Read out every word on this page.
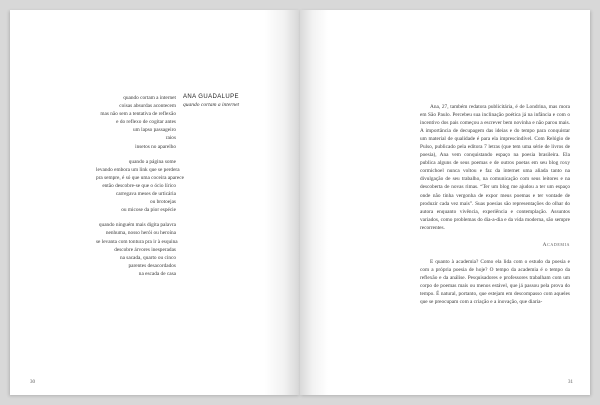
quando cortam a internet
coisas absurdas acontecem
mas não sem a tentativa de reflexão
e do reflexo de cogitar antes
um lapso passageiro
raios
insetos no aparelho
quando a página some
levando embora um link que se perdera
pra sempre, é só que uma coceira aparece
então descobre-se que o ócio lírico
carregava meses de urticária
ou brotoejas
ou micose da pior espécie
quando ninguém mais digita palavra
nenhuma, nosso herói ou heroína
se levanta com tontura pra ir à esquina
descobre árvores inesperadas
na sacada, quarto ou cinco
parentes desacordados
na escada de casa
ANA GUADALUPE
quando cortam a internet
30

Ana, 27, também redatora publicitária, é de Londrina, mas mora em São Paulo. Percebeu sua inclinação poética já na infância e com o incentivo dos pais começou a escrever bem novinha e não parou mais. A importância de decupagem das ideias e do tempo para conquistar um material de qualidade é para ela imprescindível. Com Relógio de Pulso, publicado pela editora 7 letras (que tem uma série de livros de poesia), Ana vem conquistando espaço na poesia brasileira. Ela publica alguns de seus poemas e de outros poetas em seu blog roxy cormichoel nunca voltou e faz da internet uma aliada tanto na divulgação de seu trabalho, na comunicação com seus leitores e na descoberta de novas rimas. “Ter um blog me ajudou a ter um espaço onde não tinha vergonha de expor meus poemas e ter vontade de produzir cada vez mais”. Suas poesias são representações do olhar do autora enquanto vivência, experiência e contemplação. Assuntos variados, como problemas do dia-a-dia e da vida moderna, são sempre recorrentes.

Academia

E quanto à academia? Como ela lida com o estudo da poesia e com a própria poesia de hoje? O tempo da academia é o tempo da reflexão e da análise. Pesquisadores e professores trabalham com um corpo de poemas mais ou menos estável, que já passou pela prova do tempo. É natural, portanto, que estejam em descompasso com aqueles que se preocupam com a criação e a inovação, que diaria-

31
